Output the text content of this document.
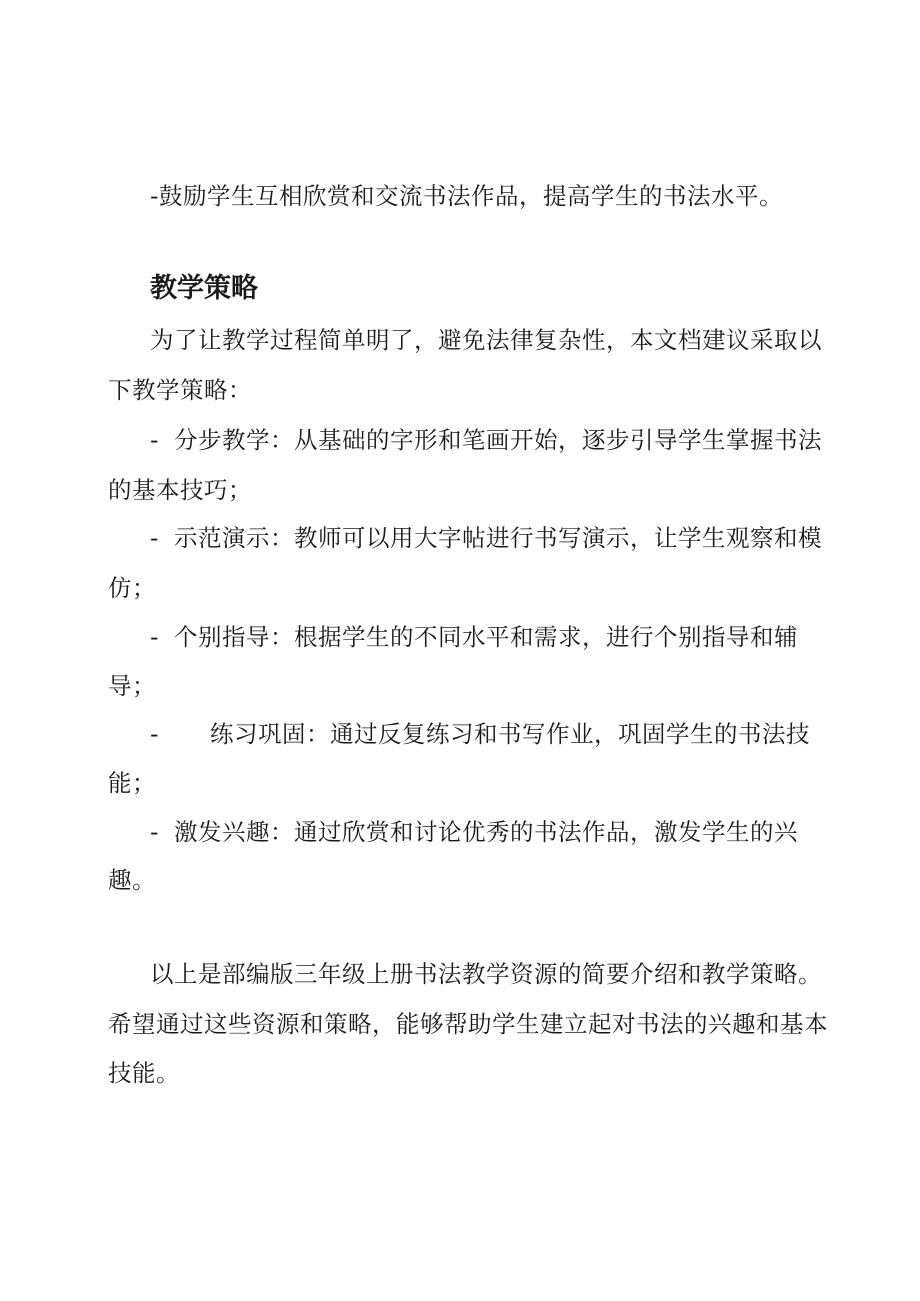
-鼓励学生互相欣赏和交流书法作品，提高学生的书法水平。
教学策略
为了让教学过程简单明了，避免法律复杂性，本文档建议采取以
下教学策略：
- 分步教学：从基础的字形和笔画开始，逐步引导学生掌握书法
的基本技巧；
- 示范演示：教师可以用大字帖进行书写演示，让学生观察和模
仿；
- 个别指导：根据学生的不同水平和需求，进行个别指导和辅
导；
- 练习巩固：通过反复练习和书写作业，巩固学生的书法技
能；
- 激发兴趣：通过欣赏和讨论优秀的书法作品，激发学生的兴
趣。
以上是部编版三年级上册书法教学资源的简要介绍和教学策略。
希望通过这些资源和策略，能够帮助学生建立起对书法的兴趣和基本
技能。
